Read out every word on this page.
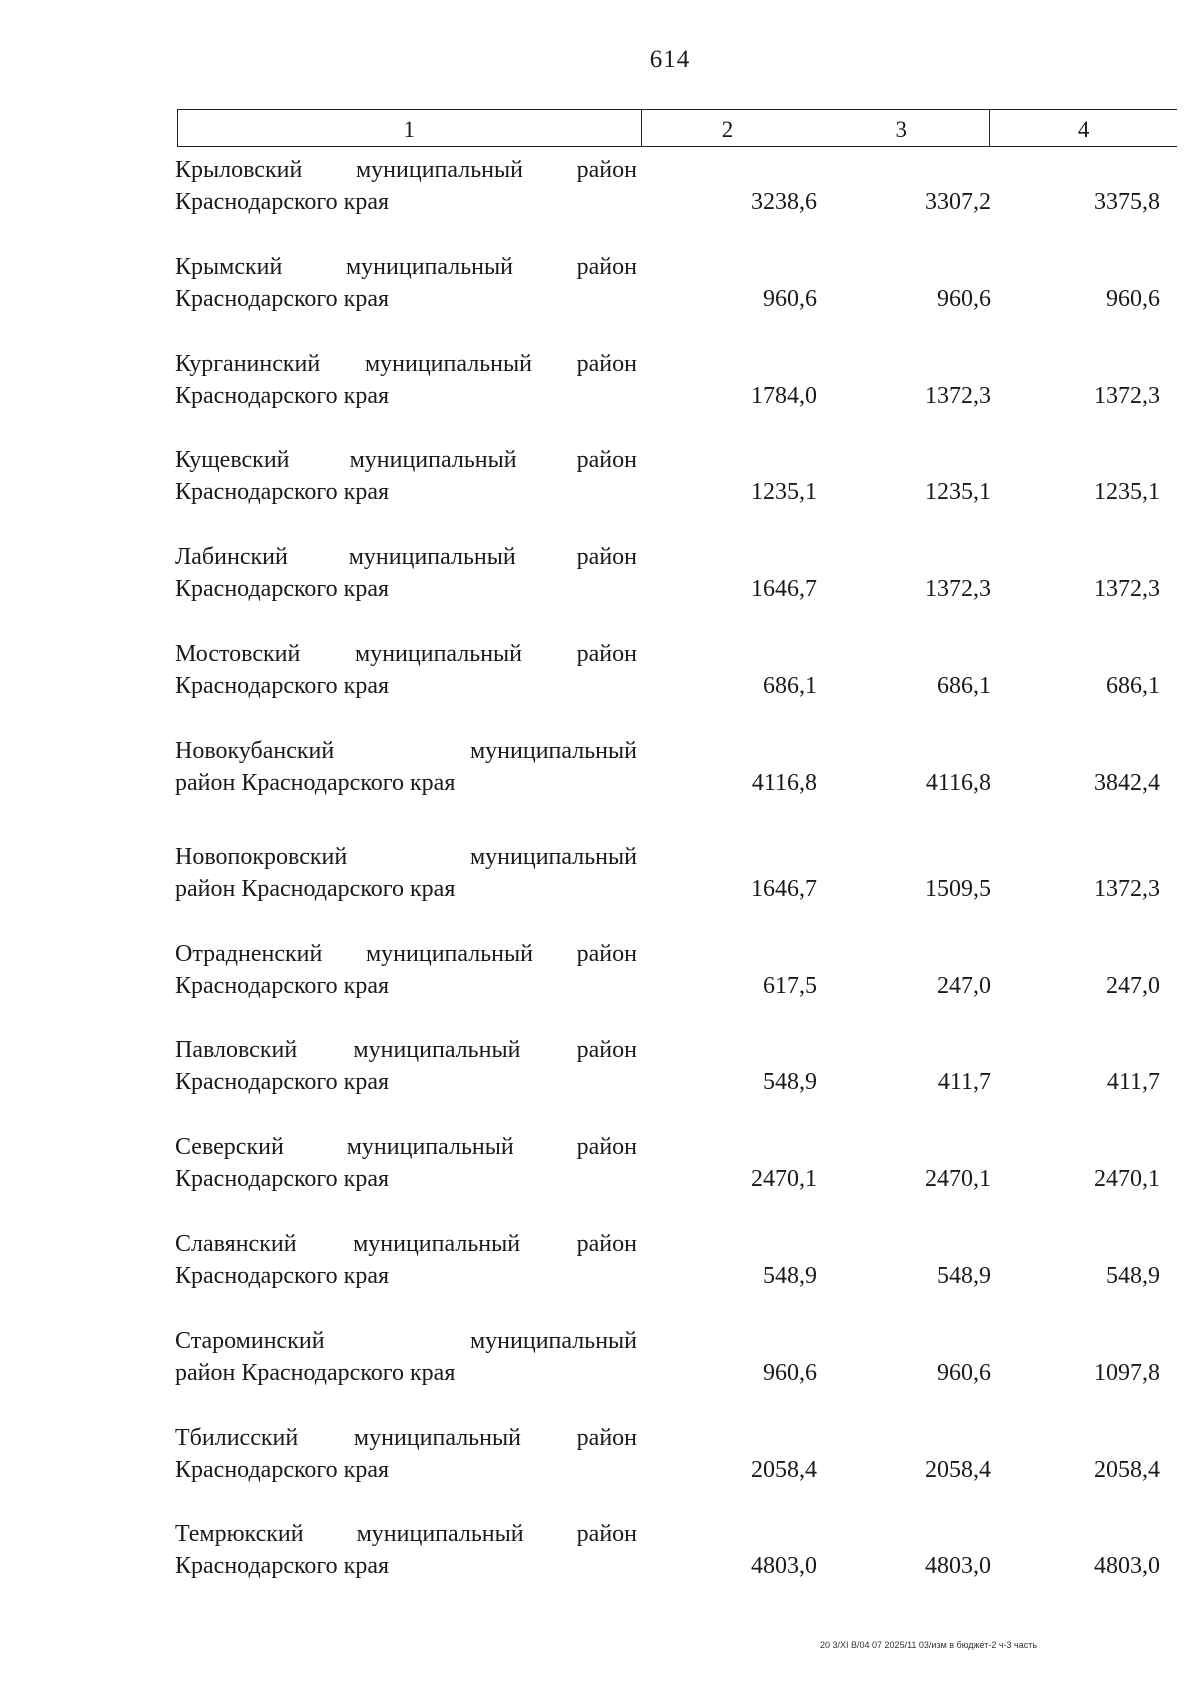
614
1	2	3	4
Крыловский муниципальный район
Краснодарского края	3238,6	3307,2	3375,8
Крымский муниципальный район
Краснодарского края	960,6	960,6	960,6
Курганинский муниципальный район
Краснодарского края	1784,0	1372,3	1372,3
Кущевский муниципальный район
Краснодарского края	1235,1	1235,1	1235,1
Лабинский муниципальный район
Краснодарского края	1646,7	1372,3	1372,3
Мостовский муниципальный район
Краснодарского края	686,1	686,1	686,1
Новокубанский муниципальный
район Краснодарского края	4116,8	4116,8	3842,4
Новопокровский муниципальный
район Краснодарского края	1646,7	1509,5	1372,3
Отрадненский муниципальный район
Краснодарского края	617,5	247,0	247,0
Павловский муниципальный район
Краснодарского края	548,9	411,7	411,7
Северский муниципальный район
Краснодарского края	2470,1	2470,1	2470,1
Славянский муниципальный район
Краснодарского края	548,9	548,9	548,9
Староминский муниципальный
район Краснодарского края	960,6	960,6	1097,8
Тбилисский муниципальный район
Краснодарского края	2058,4	2058,4	2058,4
Темрюкский муниципальный район
Краснодарского края	4803,0	4803,0	4803,0
20 3/XI В/04 07 2025/11 03/изм в бюджет-2 ч-3 часть
